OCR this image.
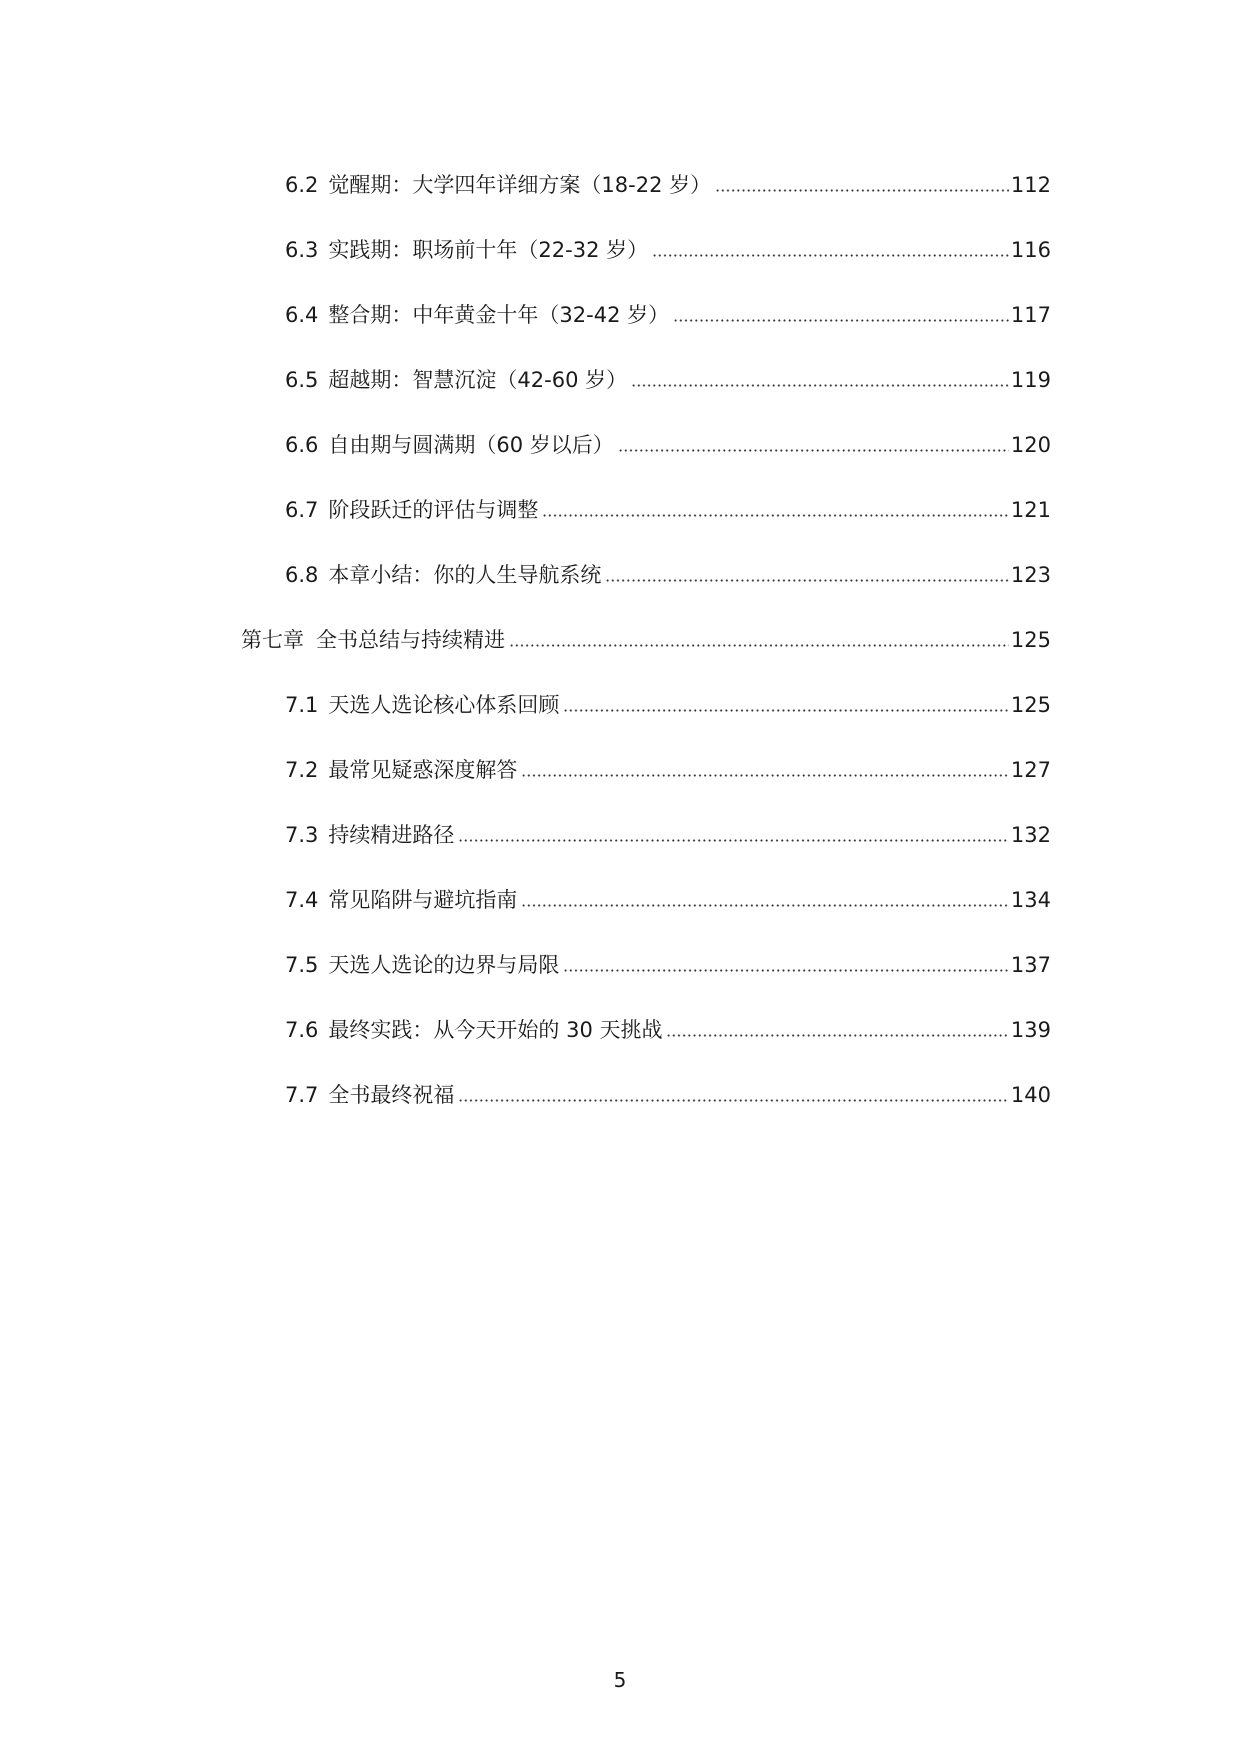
6.2 觉醒期：大学四年详细方案（18-22 岁）	112
6.3 实践期：职场前十年（22-32 岁）	116
6.4 整合期：中年黄金十年（32-42 岁）	117
6.5 超越期：智慧沉淀（42-60 岁）	119
6.6 自由期与圆满期（60 岁以后）	120
6.7 阶段跃迁的评估与调整	121
6.8 本章小结：你的人生导航系统	123
第七章 全书总结与持续精进	125
7.1 天选人选论核心体系回顾	125
7.2 最常见疑惑深度解答	127
7.3 持续精进路径	132
7.4 常见陷阱与避坑指南	134
7.5 天选人选论的边界与局限	137
7.6 最终实践：从今天开始的 30 天挑战	139
7.7 全书最终祝福	140
5
